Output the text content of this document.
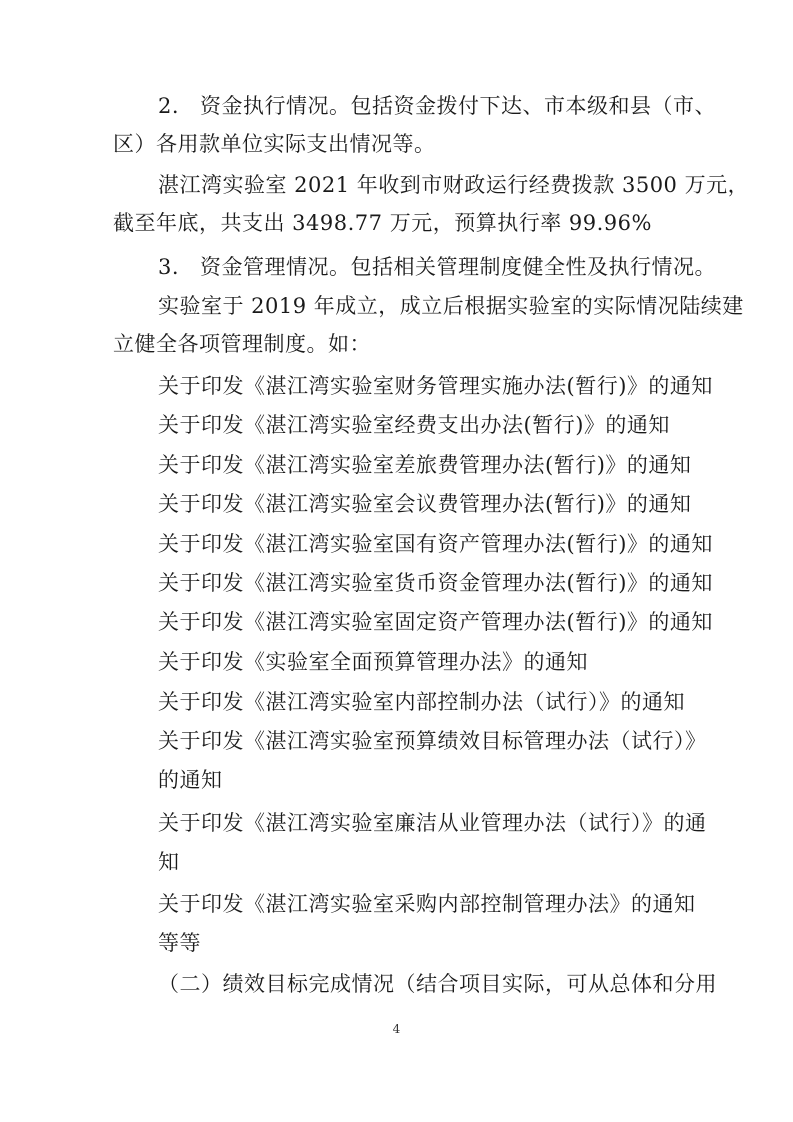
2. 资金执行情况。包括资金拨付下达、市本级和县（市、
区）各用款单位实际支出情况等。
湛江湾实验室 2021 年收到市财政运行经费拨款 3500 万元，
截至年底，共支出 3498.77 万元，预算执行率 99.96%
3. 资金管理情况。包括相关管理制度健全性及执行情况。
实验室于 2019 年成立，成立后根据实验室的实际情况陆续建
立健全各项管理制度。如：
关于印发《湛江湾实验室财务管理实施办法(暂行)》的通知
关于印发《湛江湾实验室经费支出办法(暂行)》的通知
关于印发《湛江湾实验室差旅费管理办法(暂行)》的通知
关于印发《湛江湾实验室会议费管理办法(暂行)》的通知
关于印发《湛江湾实验室国有资产管理办法(暂行)》的通知
关于印发《湛江湾实验室货币资金管理办法(暂行)》的通知
关于印发《湛江湾实验室固定资产管理办法(暂行)》的通知
关于印发《实验室全面预算管理办法》的通知
关于印发《湛江湾实验室内部控制办法（试行）》的通知
关于印发《湛江湾实验室预算绩效目标管理办法（试行）》
的通知
关于印发《湛江湾实验室廉洁从业管理办法（试行）》的通
知
关于印发《湛江湾实验室采购内部控制管理办法》的通知
等等
（二）绩效目标完成情况（结合项目实际，可从总体和分用
4
